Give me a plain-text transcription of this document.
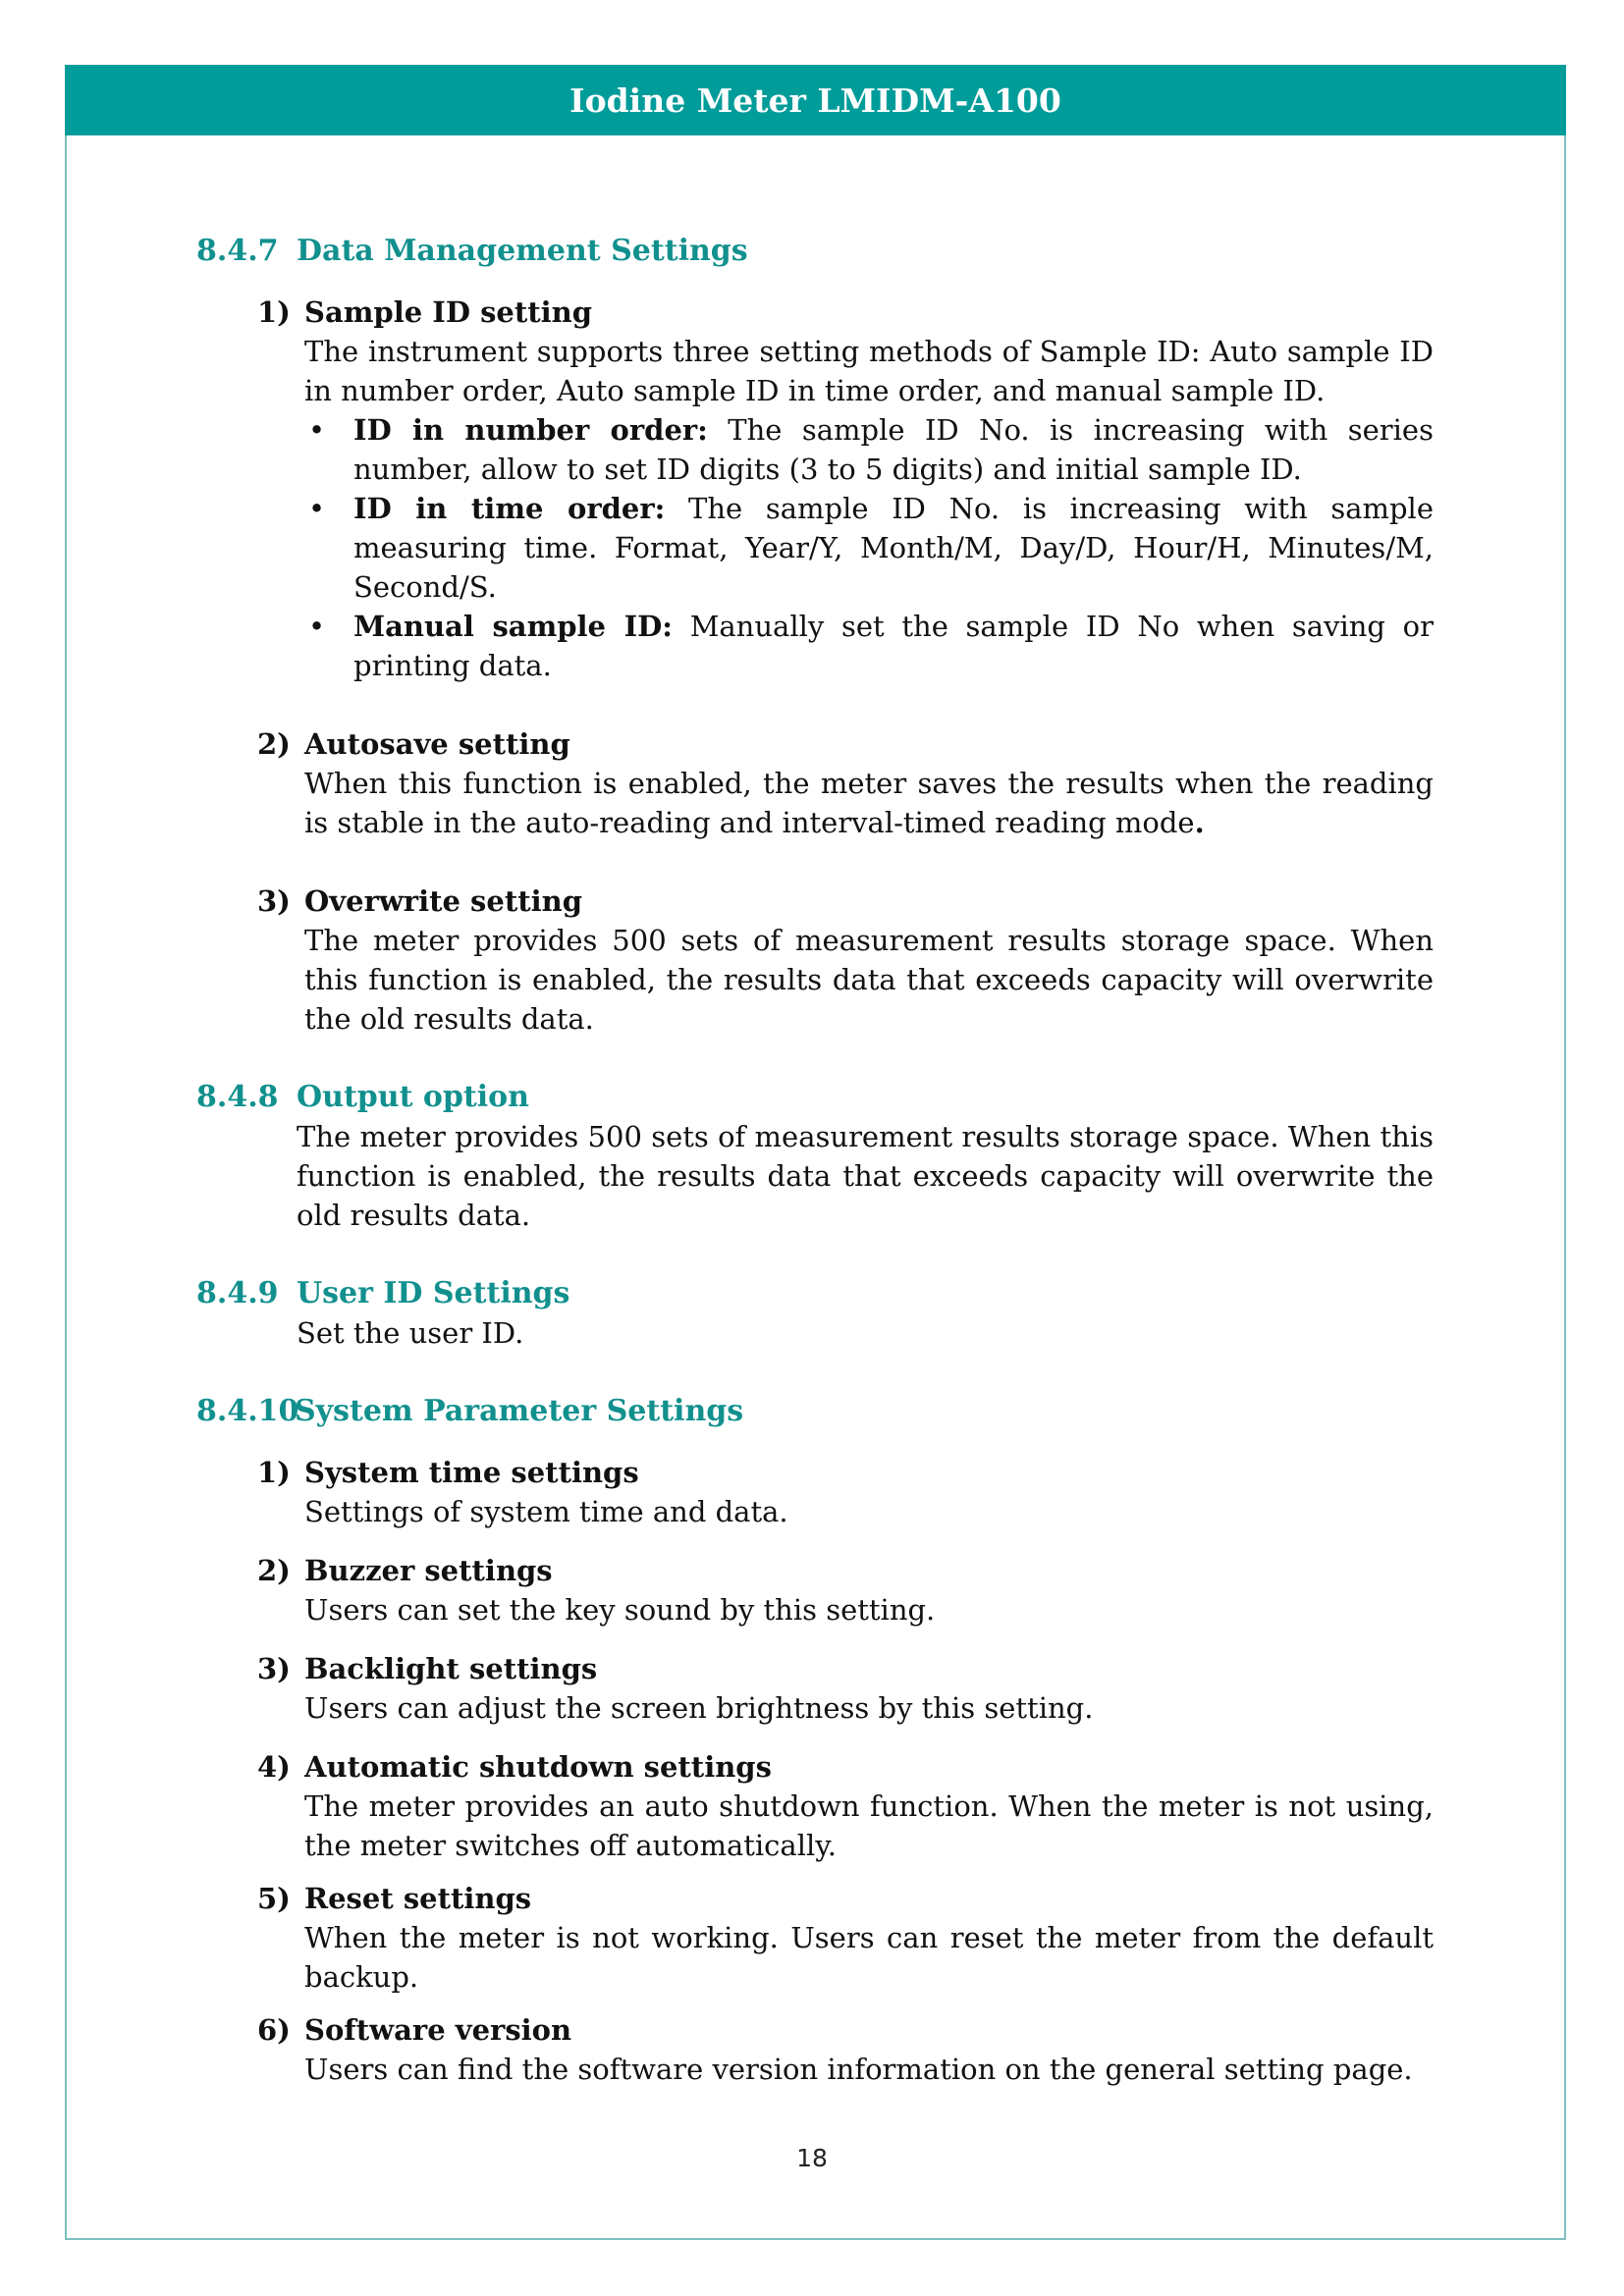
Iodine Meter LMIDM-A100
8.4.7 Data Management Settings
1) Sample ID setting
The instrument supports three setting methods of Sample ID: Auto sample ID in number order, Auto sample ID in time order, and manual sample ID.
• ID in number order: The sample ID No. is increasing with series number, allow to set ID digits (3 to 5 digits) and initial sample ID.
• ID in time order: The sample ID No. is increasing with sample measuring time. Format, Year/Y, Month/M, Day/D, Hour/H, Minutes/M, Second/S.
• Manual sample ID: Manually set the sample ID No when saving or printing data.
2) Autosave setting
When this function is enabled, the meter saves the results when the reading is stable in the auto-reading and interval-timed reading mode.
3) Overwrite setting
The meter provides 500 sets of measurement results storage space. When this function is enabled, the results data that exceeds capacity will overwrite the old results data.
8.4.8 Output option
The meter provides 500 sets of measurement results storage space. When this function is enabled, the results data that exceeds capacity will overwrite the old results data.
8.4.9 User ID Settings
Set the user ID.
8.4.10System Parameter Settings
1) System time settings
Settings of system time and data.
2) Buzzer settings
Users can set the key sound by this setting.
3) Backlight settings
Users can adjust the screen brightness by this setting.
4) Automatic shutdown settings
The meter provides an auto shutdown function. When the meter is not using, the meter switches off automatically.
5) Reset settings
When the meter is not working. Users can reset the meter from the default backup.
6) Software version
Users can find the software version information on the general setting page.
18
